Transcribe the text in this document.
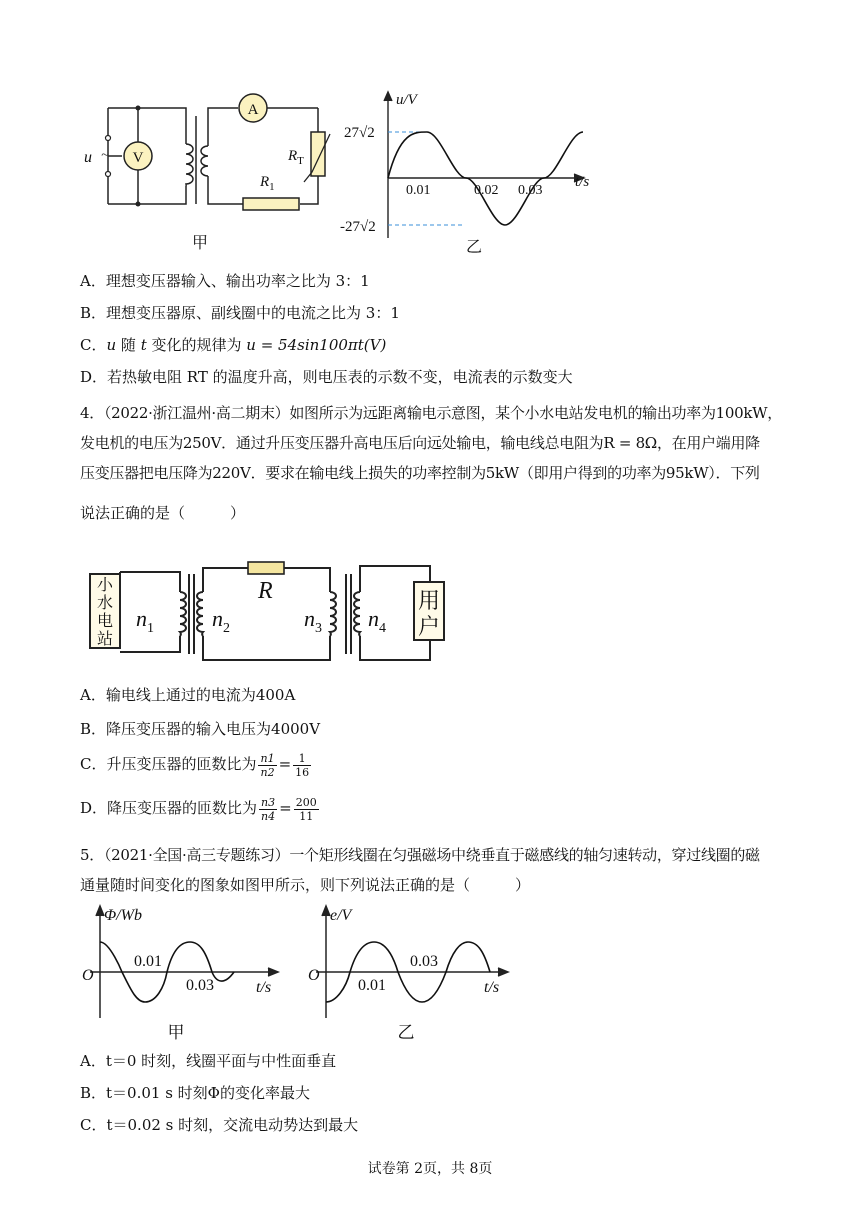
~
u	V
A
$R_T$
$R_1$
甲
u/V
t/s
27√2
-27√2
0.01	0.02 0.03
乙
A．理想变压器输入、输出功率之比为 3：1
B．理想变压器原、副线圈中的电流之比为 3：1
C．u 随 t 变化的规律为 u = 54sin100πt(V)
D．若热敏电阻 RT 的温度升高，则电压表的示数不变，电流表的示数变大
4．（2022·浙江温州·高二期末）如图所示为远距离输电示意图，某个小水电站发电机的输出功率为100kW，
发电机的电压为250V．通过升压变压器升高电压后向远处输电，输电线总电阻为R = 8Ω，在用户端用降
压变压器把电压降为220V．要求在输电线上损失的功率控制为5kW（即用户得到的功率为95kW）．下列
说法正确的是（　　　）
小
水
电
站
用
户
$n_1$	$n_2$
R
$n_3$ $n_4$
A．输电线上通过的电流为400A
B．降压变压器的输入电压为4000V
C．升压变压器的匝数比为 $\frac{n1}{n2} = \frac{1}{16}$
D．降压变压器的匝数比为 $\frac{n3}{n4} = \frac{200}{11}$
5．（2021·全国·高三专题练习）一个矩形线圈在匀强磁场中绕垂直于磁感线的轴匀速转动，穿过线圈的磁
通量随时间变化的图象如图甲所示，则下列说法正确的是（　　　）
Φ/Wb
O
t/s
0.01
0.03
甲
e/V
O
t/s
0.03
0.01
乙
A．t＝0 时刻，线圈平面与中性面垂直
B．t＝0.01 s 时刻Φ的变化率最大
C．t＝0.02 s 时刻，交流电动势达到最大
试卷第 2页，共 8页
